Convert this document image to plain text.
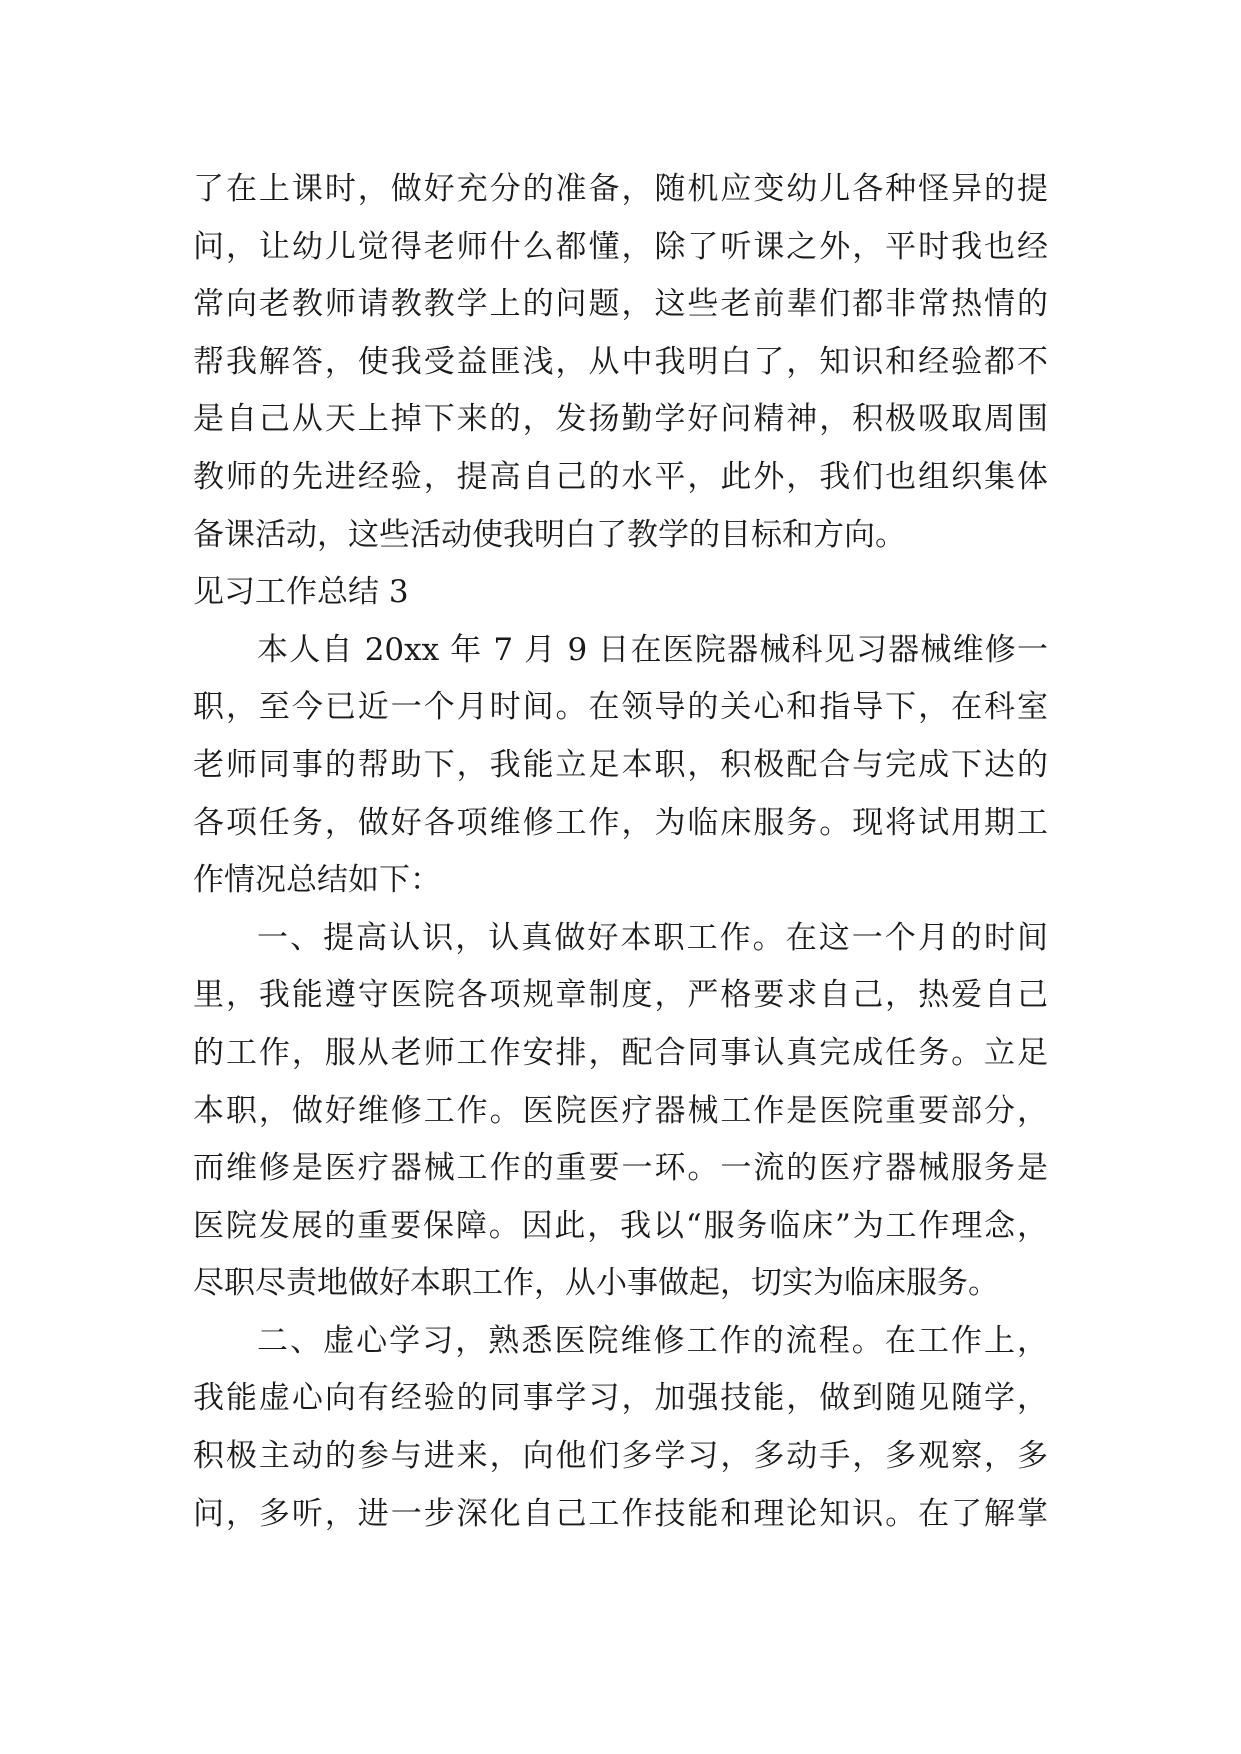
了在上课时，做好充分的准备，随机应变幼儿各种怪异的提
问，让幼儿觉得老师什么都懂，除了听课之外，平时我也经
常向老教师请教教学上的问题，这些老前辈们都非常热情的
帮我解答，使我受益匪浅，从中我明白了，知识和经验都不
是自己从天上掉下来的，发扬勤学好问精神，积极吸取周围
教师的先进经验，提高自己的水平，此外，我们也组织集体
备课活动，这些活动使我明白了教学的目标和方向。
见习工作总结 3
本人自 20xx 年 7 月 9 日在医院器械科见习器械维修一
职，至今已近一个月时间。在领导的关心和指导下，在科室
老师同事的帮助下，我能立足本职，积极配合与完成下达的
各项任务，做好各项维修工作，为临床服务。现将试用期工
作情况总结如下：
一、提高认识，认真做好本职工作。在这一个月的时间
里，我能遵守医院各项规章制度，严格要求自己，热爱自己
的工作，服从老师工作安排，配合同事认真完成任务。立足
本职，做好维修工作。医院医疗器械工作是医院重要部分，
而维修是医疗器械工作的重要一环。一流的医疗器械服务是
医院发展的重要保障。因此，我以“服务临床”为工作理念，
尽职尽责地做好本职工作，从小事做起，切实为临床服务。
二、虚心学习，熟悉医院维修工作的流程。在工作上，
我能虚心向有经验的同事学习，加强技能，做到随见随学，
积极主动的参与进来，向他们多学习，多动手，多观察，多
问，多听，进一步深化自己工作技能和理论知识。在了解掌
